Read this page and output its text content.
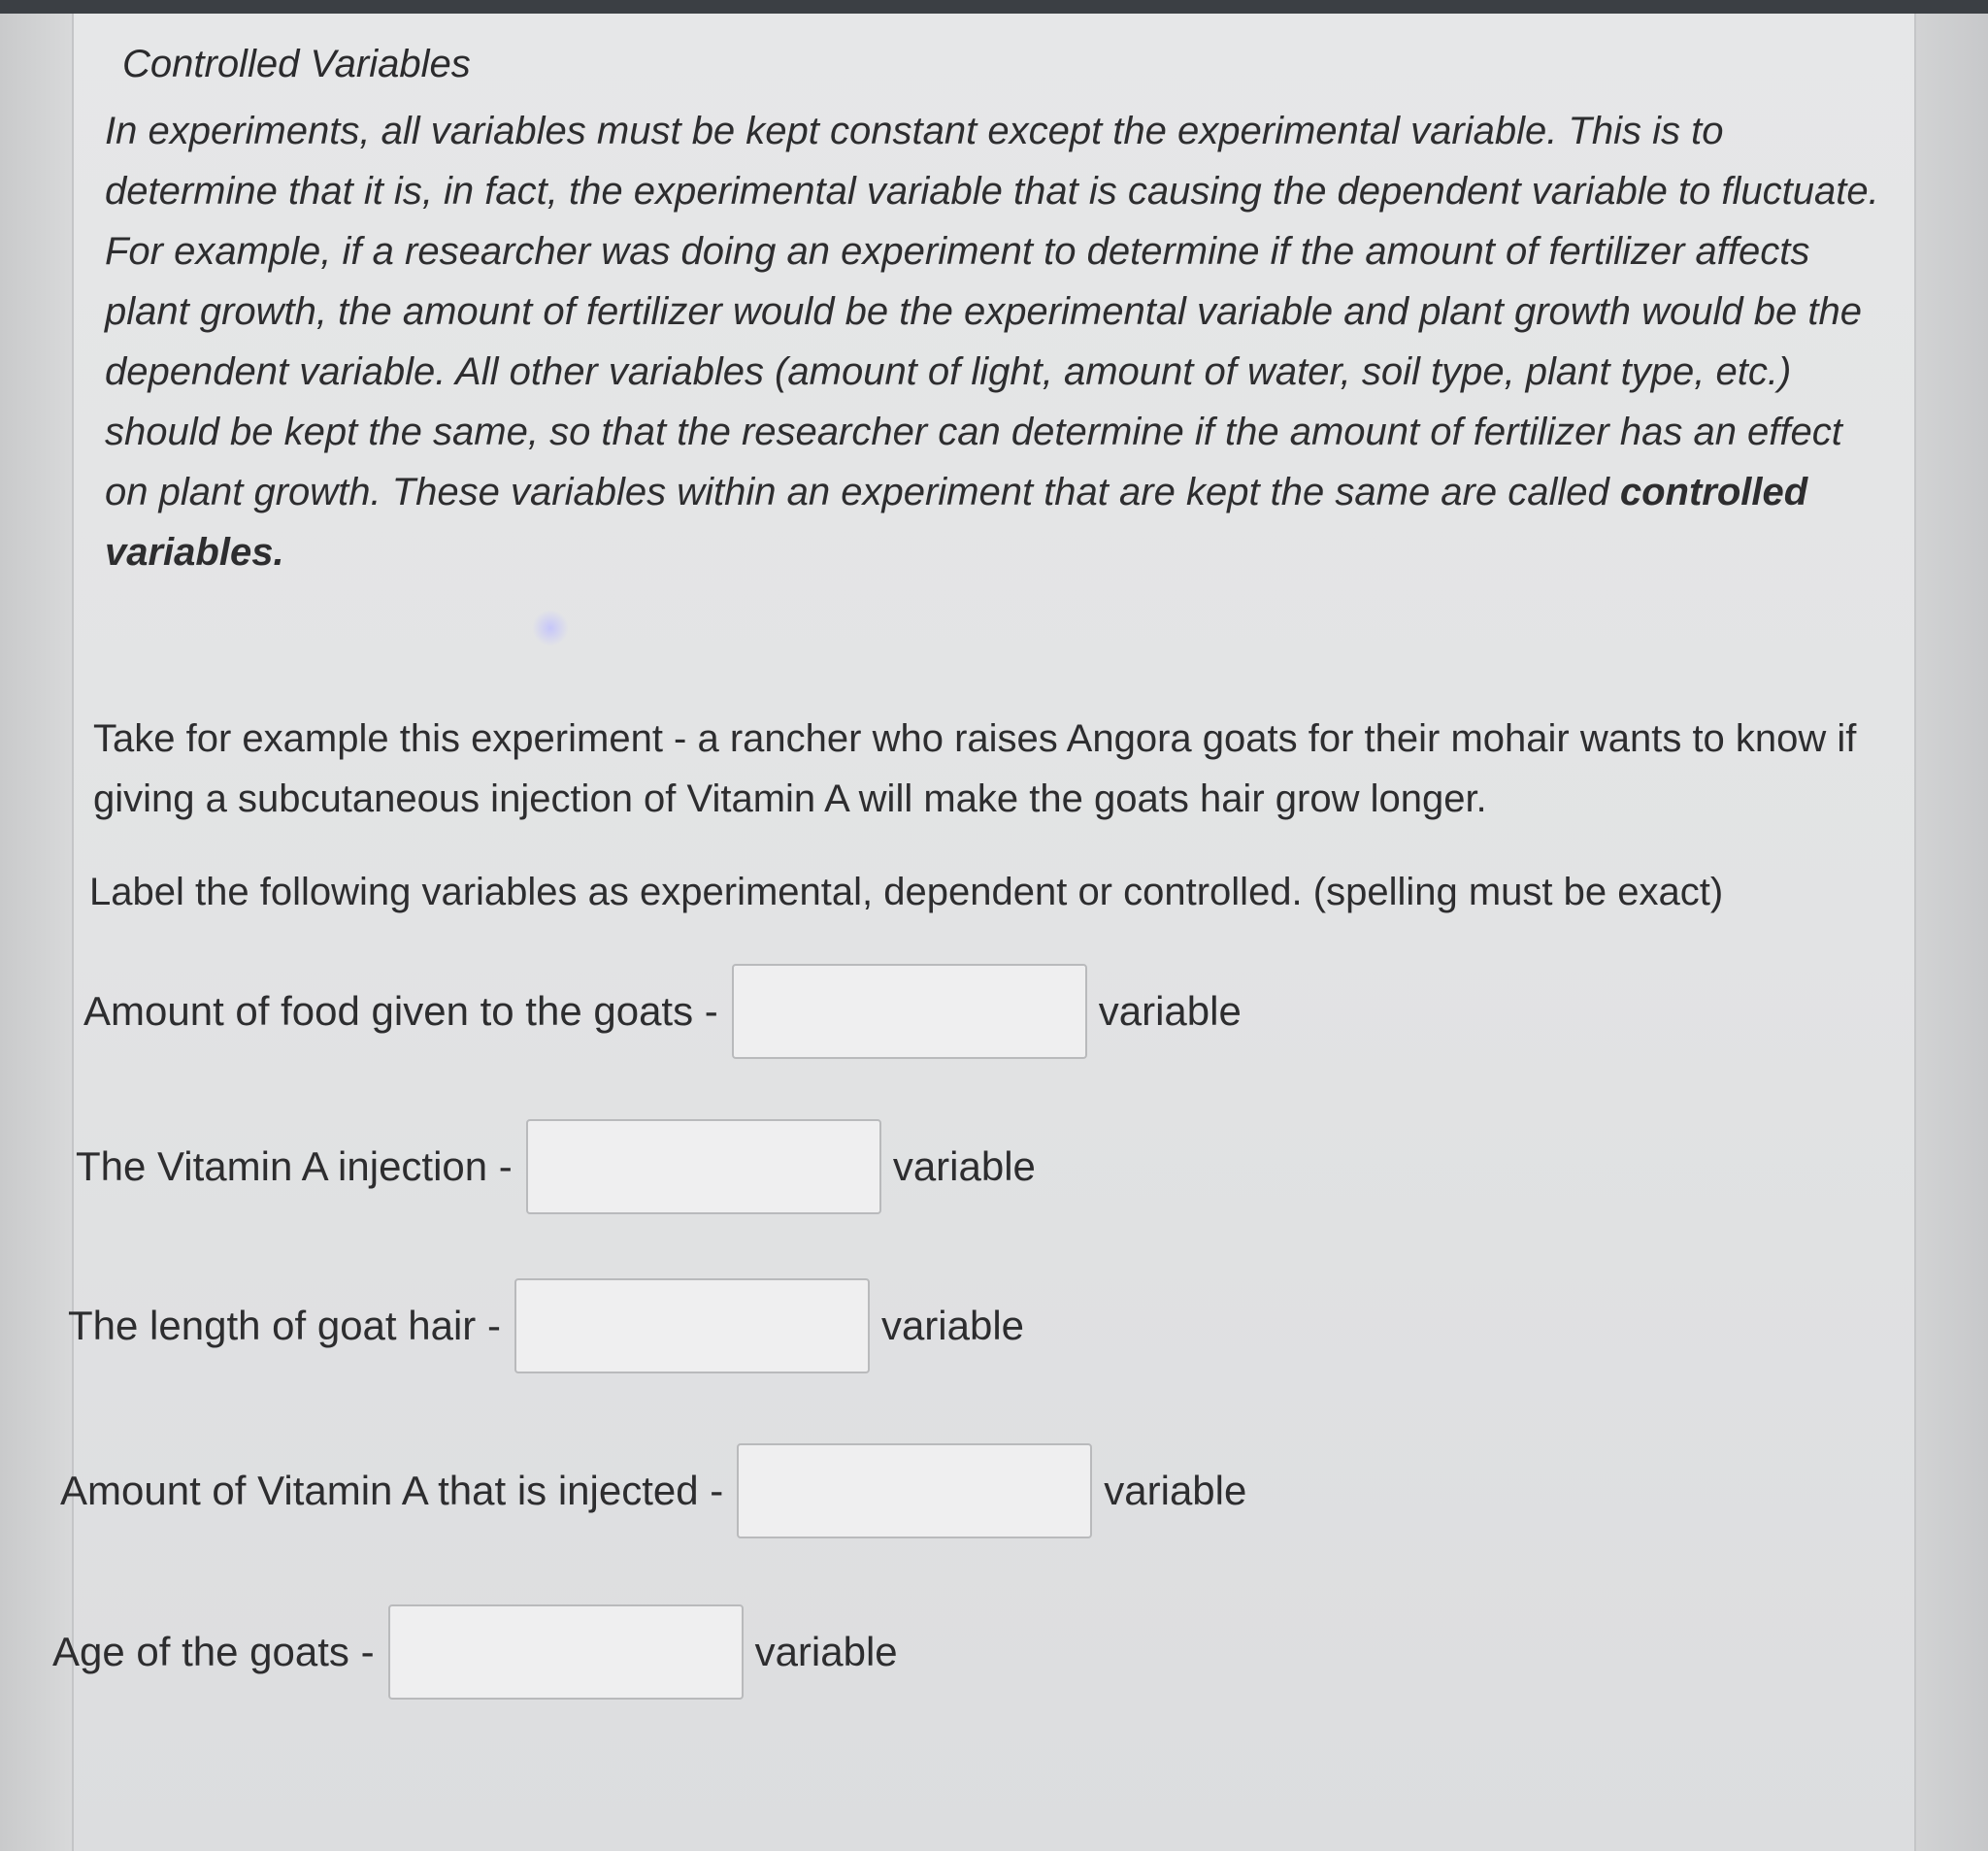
Controlled Variables

In experiments, all variables must be kept constant except the experimental variable. This is to determine that it is, in fact, the experimental variable that is causing the dependent variable to fluctuate. For example, if a researcher was doing an experiment to determine if the amount of fertilizer affects plant growth, the amount of fertilizer would be the experimental variable and plant growth would be the dependent variable. All other variables (amount of light, amount of water, soil type, plant type, etc.) should be kept the same, so that the researcher can determine if the amount of fertilizer has an effect on plant growth. These variables within an experiment that are kept the same are called controlled variables.

Take for example this experiment - a rancher who raises Angora goats for their mohair wants to know if giving a subcutaneous injection of Vitamin A will make the goats hair grow longer.

Label the following variables as experimental, dependent or controlled. (spelling must be exact)

Amount of food given to the goats -	variable
The Vitamin A injection -	variable
The length of goat hair -	variable
Amount of Vitamin A that is injected -	variable
Age of the goats -	variable
